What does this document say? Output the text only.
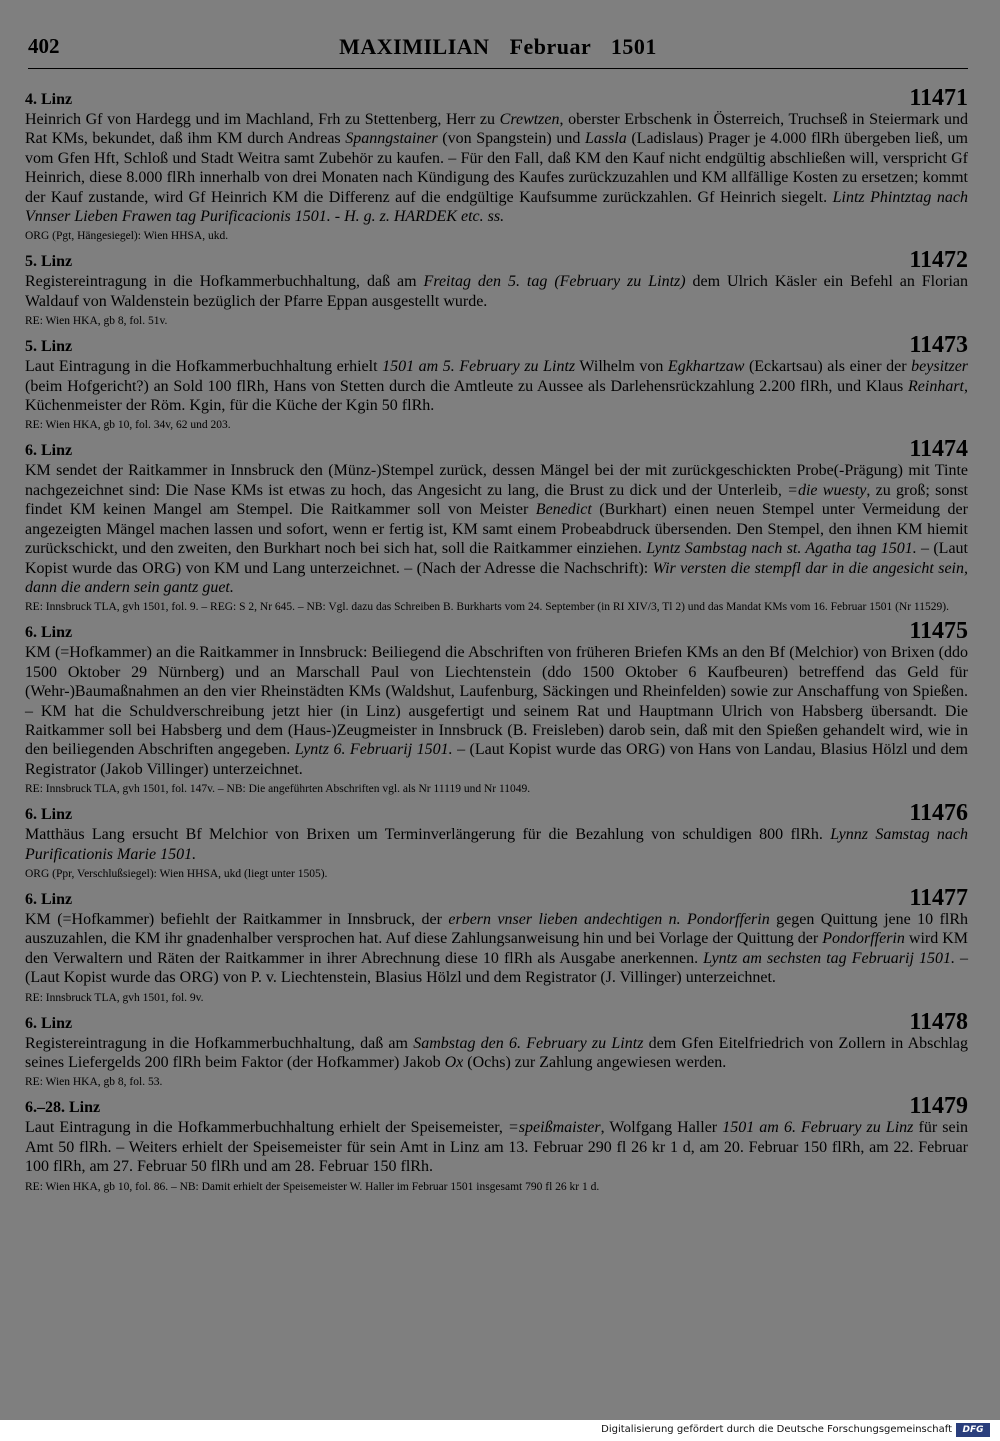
402	MAXIMILIAN Februar 1501
4. Linz	11471
Heinrich Gf von Hardegg und im Machland, Frh zu Stettenberg, Herr zu Crewtzen, oberster Erbschenk in Österreich, Truchseß in Steiermark und Rat KMs, bekundet, daß ihm KM durch Andreas Spanngstainer (von Spangstein) und Lassla (Ladislaus) Prager je 4.000 flRh übergeben ließ, um vom Gfen Hft, Schloß und Stadt Weitra samt Zubehör zu kaufen. – Für den Fall, daß KM den Kauf nicht endgültig abschließen will, verspricht Gf Heinrich, diese 8.000 flRh innerhalb von drei Monaten nach Kündigung des Kaufes zurückzuzahlen und KM allfällige Kosten zu ersetzen; kommt der Kauf zustande, wird Gf Heinrich KM die Differenz auf die endgültige Kaufsumme zurückzahlen. Gf Heinrich siegelt. Lintz Phintztag nach Vnnser Lieben Frawen tag Purificacionis 1501. - H. g. z. HARDEK etc. ss.
ORG (Pgt, Hängesiegel): Wien HHSA, ukd.
5. Linz	11472
Registereintragung in die Hofkammerbuchhaltung, daß am Freitag den 5. tag (February zu Lintz) dem Ulrich Käsler ein Befehl an Florian Waldauf von Waldenstein bezüglich der Pfarre Eppan ausgestellt wurde.
RE: Wien HKA, gb 8, fol. 51v.
5. Linz	11473
Laut Eintragung in die Hofkammerbuchhaltung erhielt 1501 am 5. February zu Lintz Wilhelm von Egkhartzaw (Eckartsau) als einer der beysitzer (beim Hofgericht?) an Sold 100 flRh, Hans von Stetten durch die Amtleute zu Aussee als Darlehensrückzahlung 2.200 flRh, und Klaus Reinhart, Küchenmeister der Röm. Kgin, für die Küche der Kgin 50 flRh.
RE: Wien HKA, gb 10, fol. 34v, 62 und 203.
6. Linz	11474
KM sendet der Raitkammer in Innsbruck den (Münz-)Stempel zurück, dessen Mängel bei der mit zurückgeschickten Probe(-Prägung) mit Tinte nachgezeichnet sind: Die Nase KMs ist etwas zu hoch, das Angesicht zu lang, die Brust zu dick und der Unterleib, =die wuesty, zu groß; sonst findet KM keinen Mangel am Stempel. Die Raitkammer soll von Meister Benedict (Burkhart) einen neuen Stempel unter Vermeidung der angezeigten Mängel machen lassen und sofort, wenn er fertig ist, KM samt einem Probeabdruck übersenden. Den Stempel, den ihnen KM hiemit zurückschickt, und den zweiten, den Burkhart noch bei sich hat, soll die Raitkammer einziehen. Lyntz Sambstag nach st. Agatha tag 1501. – (Laut Kopist wurde das ORG) von KM und Lang unterzeichnet. – (Nach der Adresse die Nachschrift): Wir versten die stempfl dar in die angesicht sein, dann die andern sein gantz guet.
RE: Innsbruck TLA, gvh 1501, fol. 9. – REG: S 2, Nr 645. – NB: Vgl. dazu das Schreiben B. Burkharts vom 24. September (in RI XIV/3, Tl 2) und das Mandat KMs vom 16. Februar 1501 (Nr 11529).
6. Linz	11475
KM (=Hofkammer) an die Raitkammer in Innsbruck: Beiliegend die Abschriften von früheren Briefen KMs an den Bf (Melchior) von Brixen (ddo 1500 Oktober 29 Nürnberg) und an Marschall Paul von Liechtenstein (ddo 1500 Oktober 6 Kaufbeuren) betreffend das Geld für (Wehr-)Baumaßnahmen an den vier Rheinstädten KMs (Waldshut, Laufenburg, Säckingen und Rheinfelden) sowie zur Anschaffung von Spießen. – KM hat die Schuldverschreibung jetzt hier (in Linz) ausgefertigt und seinem Rat und Hauptmann Ulrich von Habsberg übersandt. Die Raitkammer soll bei Habsberg und dem (Haus-)Zeugmeister in Innsbruck (B. Freisleben) darob sein, daß mit den Spießen gehandelt wird, wie in den beiliegenden Abschriften angegeben. Lyntz 6. Februarij 1501. – (Laut Kopist wurde das ORG) von Hans von Landau, Blasius Hölzl und dem Registrator (Jakob Villinger) unterzeichnet.
RE: Innsbruck TLA, gvh 1501, fol. 147v. – NB: Die angeführten Abschriften vgl. als Nr 11119 und Nr 11049.
6. Linz	11476
Matthäus Lang ersucht Bf Melchior von Brixen um Terminverlängerung für die Bezahlung von schuldigen 800 flRh. Lynnz Samstag nach Purificationis Marie 1501.
ORG (Ppr, Verschlußsiegel): Wien HHSA, ukd (liegt unter 1505).
6. Linz	11477
KM (=Hofkammer) befiehlt der Raitkammer in Innsbruck, der erbern vnser lieben andechtigen n. Pondorfferin gegen Quittung jene 10 flRh auszuzahlen, die KM ihr gnadenhalber versprochen hat. Auf diese Zahlungsanweisung hin und bei Vorlage der Quittung der Pondorfferin wird KM den Verwaltern und Räten der Raitkammer in ihrer Abrechnung diese 10 flRh als Ausgabe anerkennen. Lyntz am sechsten tag Februarij 1501. – (Laut Kopist wurde das ORG) von P. v. Liechtenstein, Blasius Hölzl und dem Registrator (J. Villinger) unterzeichnet.
RE: Innsbruck TLA, gvh 1501, fol. 9v.
6. Linz	11478
Registereintragung in die Hofkammerbuchhaltung, daß am Sambstag den 6. February zu Lintz dem Gfen Eitelfriedrich von Zollern in Abschlag seines Liefergelds 200 flRh beim Faktor (der Hofkammer) Jakob Ox (Ochs) zur Zahlung angewiesen werden.
RE: Wien HKA, gb 8, fol. 53.
6.–28. Linz	11479
Laut Eintragung in die Hofkammerbuchhaltung erhielt der Speisemeister, =speißmaister, Wolfgang Haller 1501 am 6. February zu Linz für sein Amt 50 flRh. – Weiters erhielt der Speisemeister für sein Amt in Linz am 13. Februar 290 fl 26 kr 1 d, am 20. Februar 150 flRh, am 22. Februar 100 flRh, am 27. Februar 50 flRh und am 28. Februar 150 flRh.
RE: Wien HKA, gb 10, fol. 86. – NB: Damit erhielt der Speisemeister W. Haller im Februar 1501 insgesamt 790 fl 26 kr 1 d.
Digitalisierung gefördert durch die Deutsche Forschungsgemeinschaft	DFG
